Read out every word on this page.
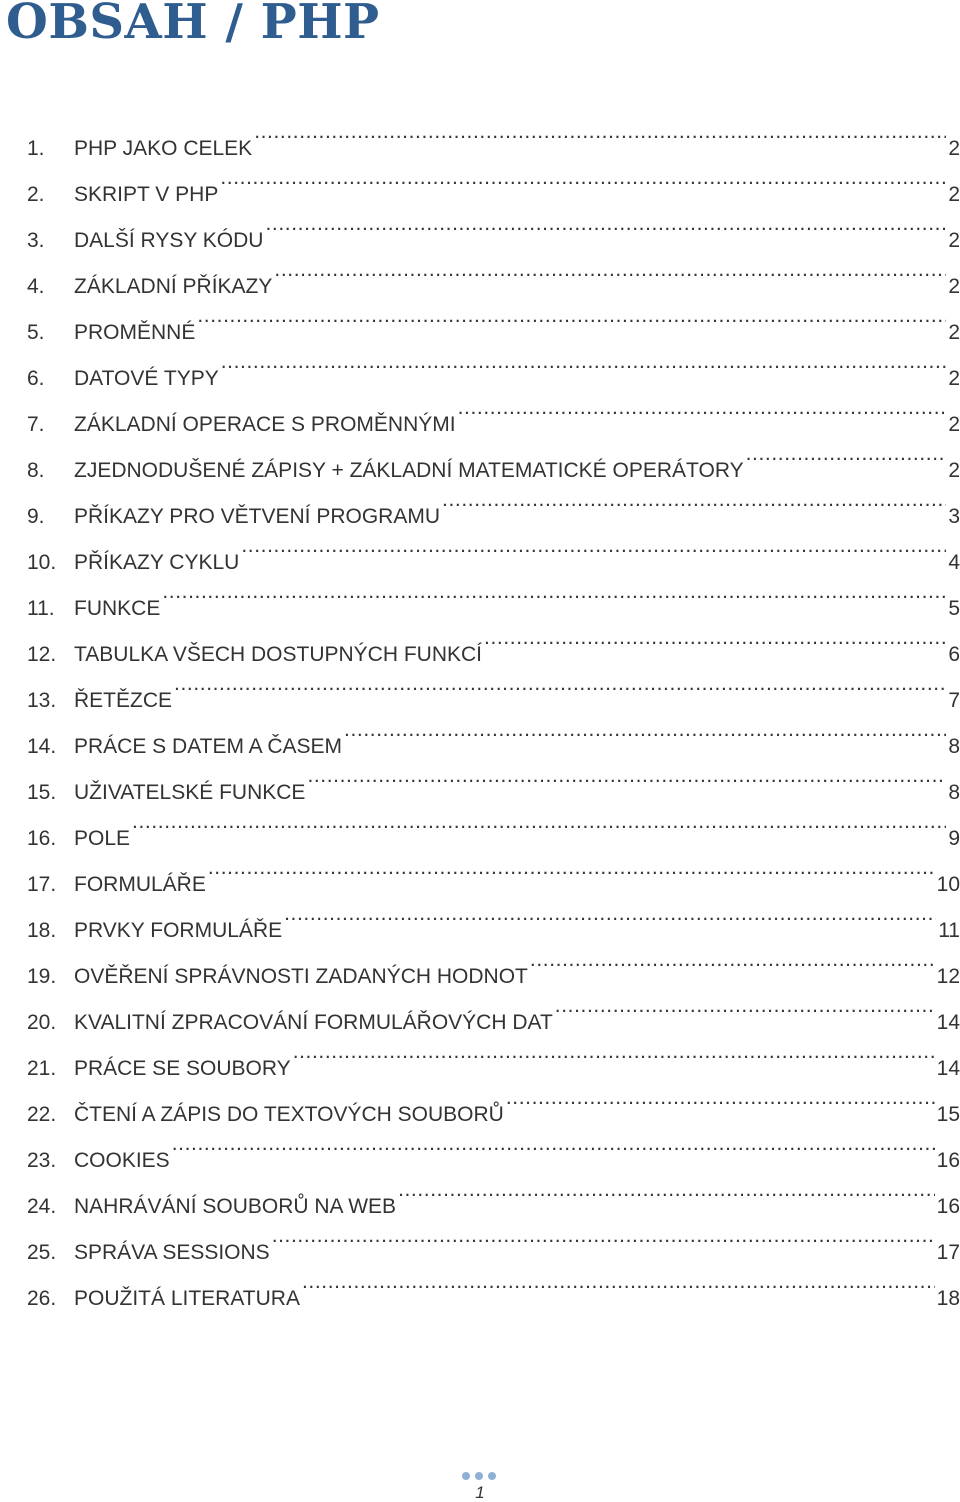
OBSAH / PHP
1.	PHP JAKO CELEK .....	2
2.	SKRIPT V PHP .....	2
3.	DALŠÍ RYSY KÓDU .....	2
4.	ZÁKLADNÍ PŘÍKAZY .....	2
5.	PROMĚNNÉ .....	2
6.	DATOVÉ TYPY .....	2
7.	ZÁKLADNÍ OPERACE S PROMĚNNÝMI .....	2
8.	ZJEDNODUŠENÉ ZÁPISY + ZÁKLADNÍ MATEMATICKÉ OPERÁTORY .....	2
9.	PŘÍKAZY PRO VĚTVENÍ PROGRAMU .....	3
10. PŘÍKAZY CYKLU .....	4
11. FUNKCE .....	5
12. TABULKA VŠECH DOSTUPNÝCH FUNKCÍ .....	6
13. ŘETĚZCE .....	7
14. PRÁCE S DATEM A ČASEM .....	8
15. UŽIVATELSKÉ FUNKCE .....	8
16. POLE .....	9
17. FORMULÁŘE .....	10
18. PRVKY FORMULÁŘE .....	11
19. OVĚŘENÍ SPRÁVNOSTI ZADANÝCH HODNOT .....	12
20. KVALITNÍ ZPRACOVÁNÍ FORMULÁŘOVÝCH DAT .....	14
21. PRÁCE SE SOUBORY .....	14
22. ČTENÍ A ZÁPIS DO TEXTOVÝCH SOUBORŮ .....	15
23. COOKIES .....	16
24. NAHRÁVÁNÍ SOUBORŮ NA WEB .....	16
25. SPRÁVA SESSIONS .....	17
26. POUŽITÁ LITERATURA .....	18
1
